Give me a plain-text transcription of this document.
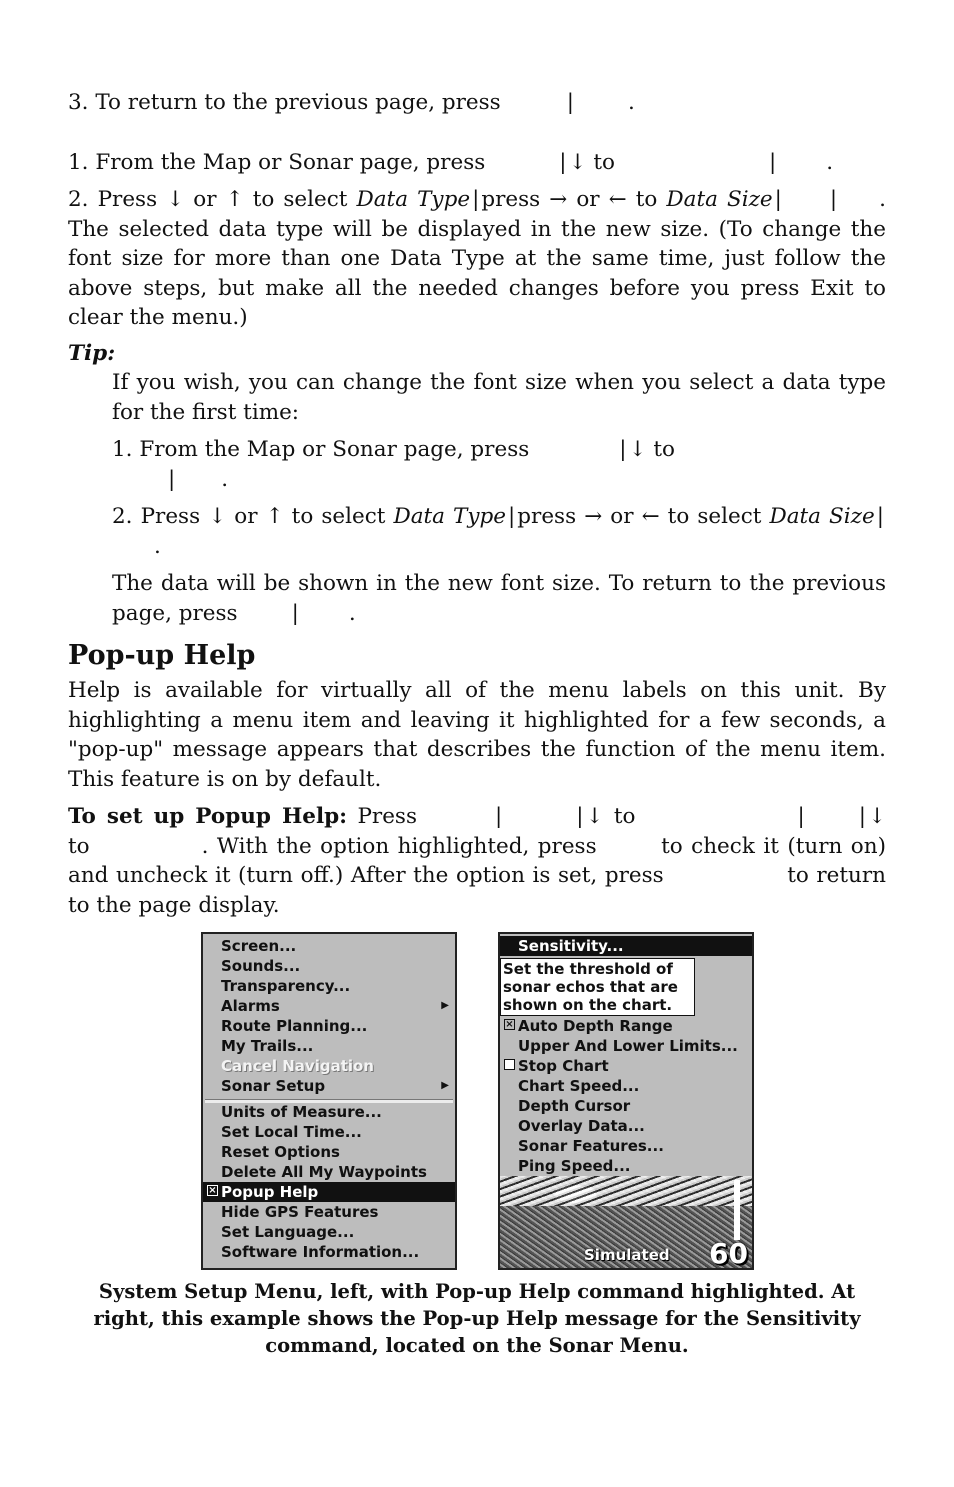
3. To return to the previous page, press	|	.

1. From the Map or Sonar page, press	|↓ to	| .

2. Press ↓ or ↑ to select Data Type|press → or ← to Data Size| | . The selected data type will be displayed in the new size. (To change the font size for more than one Data Type at the same time, just follow the above steps, but make all the needed changes before you press Exit to clear the menu.)

Tip:

If you wish, you can change the font size when you select a data type for the first time:

1. From the Map or Sonar page, press	|↓ to
| .

2. Press ↓ or ↑ to select Data Type|press → or ← to select Data Size|.

The data will be shown in the new font size. To return to the previous page, press	| .

Pop-up Help

Help is available for virtually all of the menu labels on this unit. By highlighting a menu item and leaving it highlighted for a few seconds, a "pop-up" message appears that describes the function of the menu item. This feature is on by default.

To set up Popup Help: Press	|	|↓ to	|	|↓ to	. With the option highlighted, press	to check it (turn on) and uncheck it (turn off.) After the option is set, press	to return to the page display.

Screen...
Sounds...
Transparency...
Alarms	▶
Route Planning...
My Trails...
Cancel Navigation
Sonar Setup	▶
Units of Measure...
Set Local Time...
Reset Options
Delete All My Waypoints
× Popup Help
Hide GPS Features
Set Language...
Software Information...
Sensitivity...
Set the threshold of sonar echos that are shown on the chart.
× Auto Depth Range
Upper And Lower Limits...
Stop Chart
Chart Speed...
Depth Cursor
Overlay Data...
Sonar Features...
Ping Speed...
Simulated 60
System Setup Menu, left, with Pop-up Help command highlighted. At right, this example shows the Pop-up Help message for the Sensitivity command, located on the Sonar Menu.
